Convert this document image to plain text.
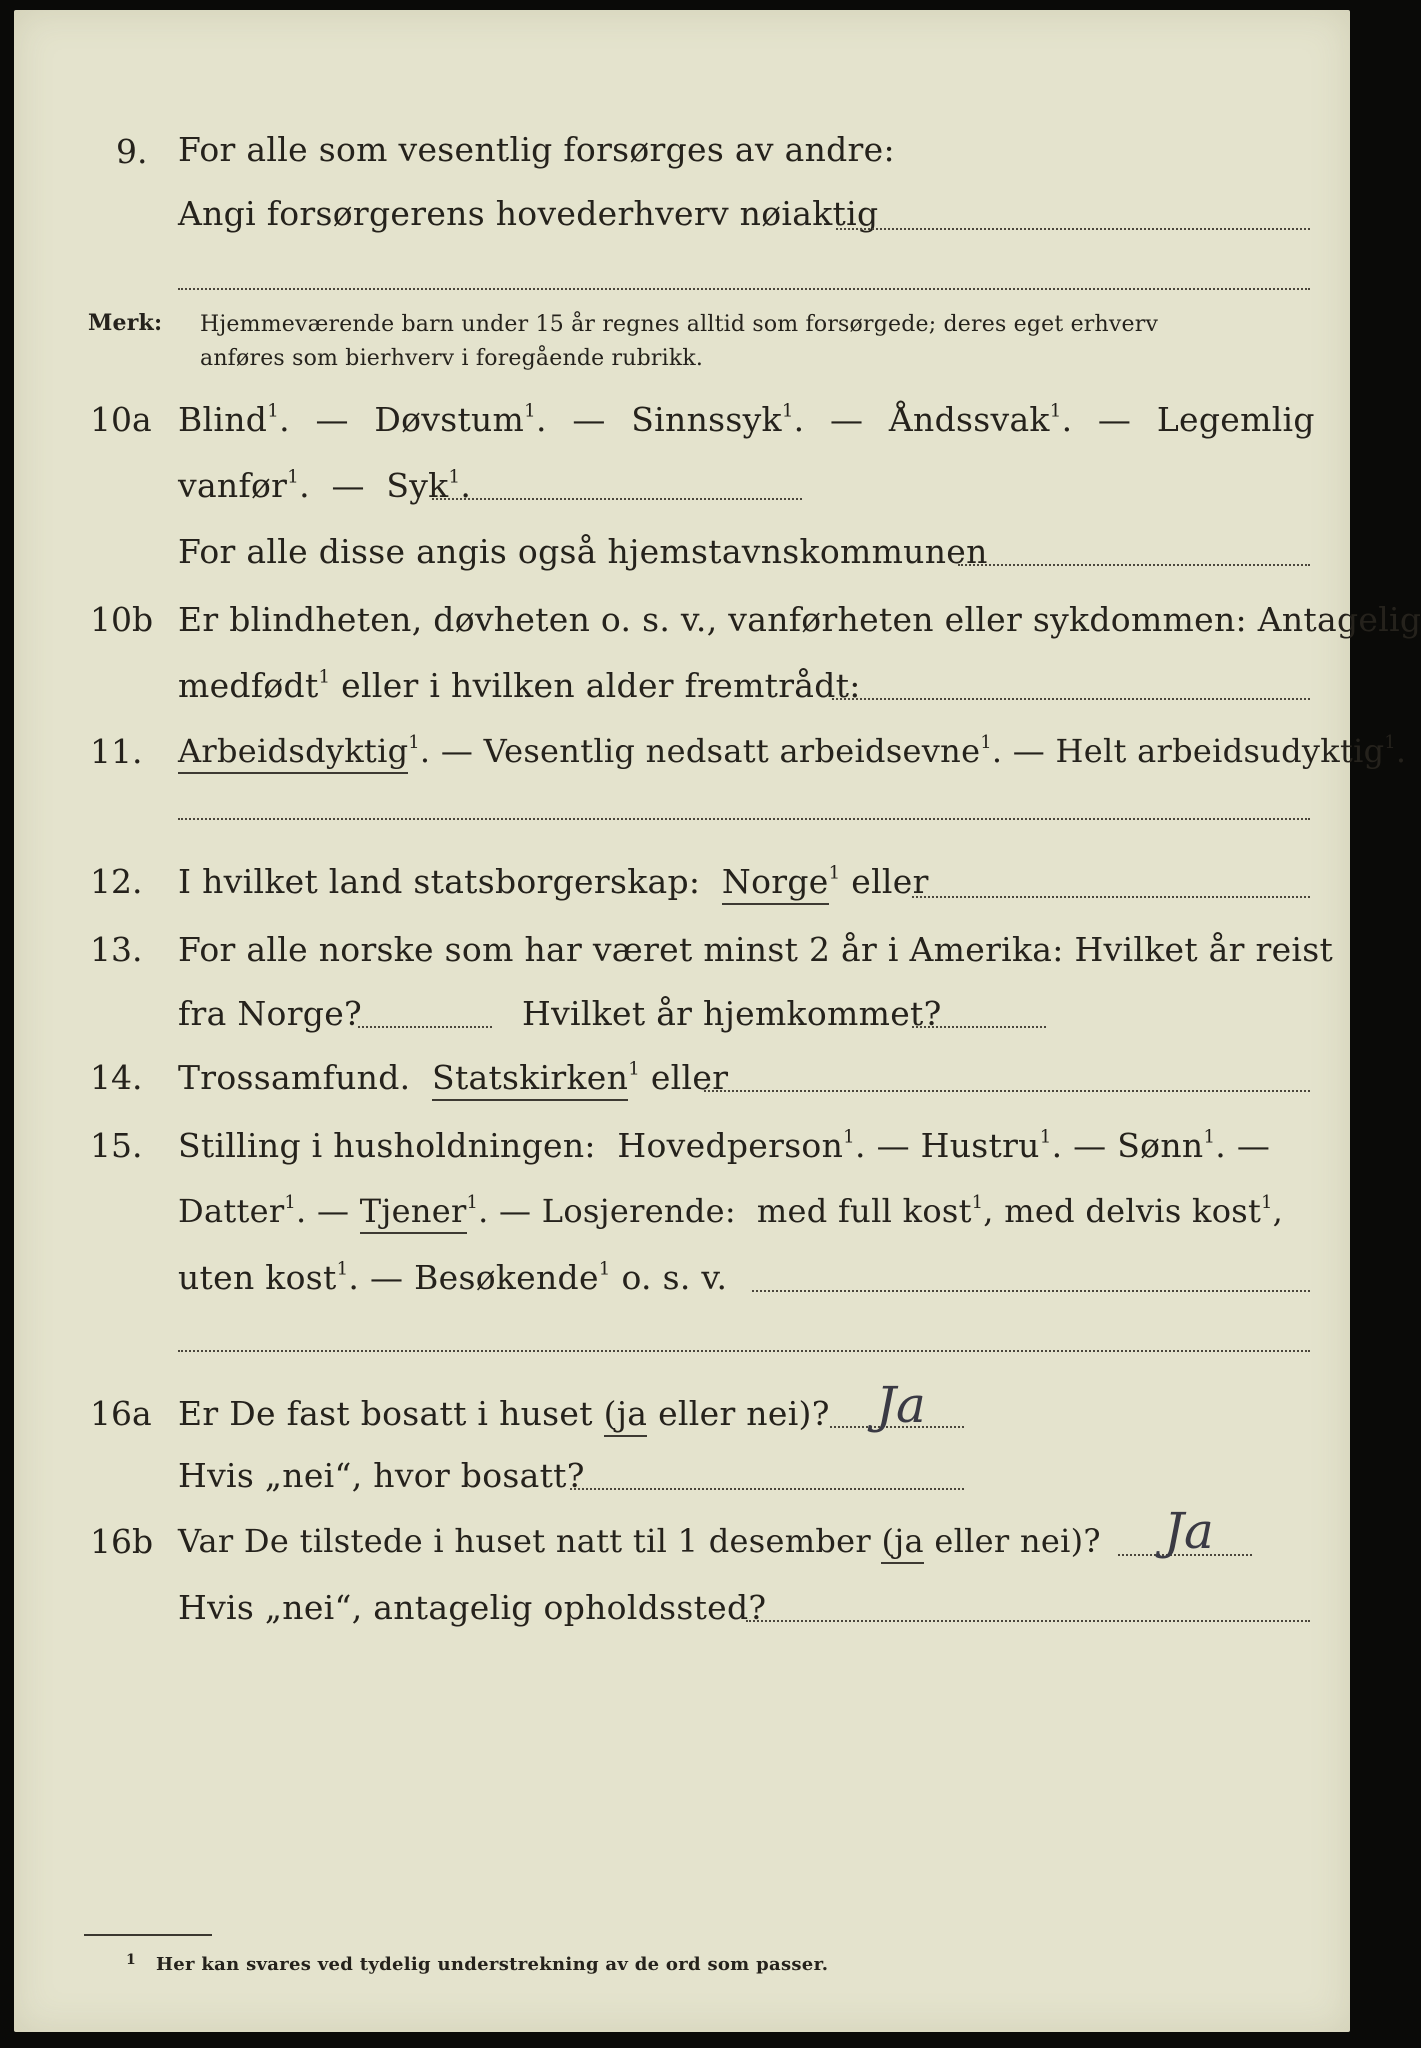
9. For alle som vesentlig forsørges av andre:
Angi forsørgerens hovederhverv nøiaktig
Merk: Hjemmeværende barn under 15 år regnes alltid som forsørgede; deres eget erhverv
anføres som bierhverv i foregående rubrikk.
10a Blind$^1$.  —  Døvstum$^1$.  —  Sinnssyk$^1$.  —  Åndssvak$^1$.  —  Legemlig
vanfør$^1$.  —  Syk$^1$.
For alle disse angis også hjemstavnskommunen
10b Er blindheten, døvheten o. s. v., vanførheten eller sykdommen: Antagelig
medfødt$^1$ eller i hvilken alder fremtrådt:
11. Arbeidsdyktig$^1$. — Vesentlig nedsatt arbeidsevne$^1$. — Helt arbeidsudyktig$^1$.
12. I hvilket land statsborgerskap: Norge$^1$ eller
13. For alle norske som har været minst 2 år i Amerika: Hvilket år reist
fra Norge?	Hvilket år hjemkommet?
14. Trossamfund. Statskirken$^1$ eller
15. Stilling i husholdningen: Hovedperson$^1$. — Hustru$^1$. — Sønn$^1$. —
Datter$^1$. — Tjener$^1$. — Losjerende: med full kost$^1$, med delvis kost$^1$,
uten kost$^1$. — Besøkende$^1$ o. s. v.
16a Er De fast bosatt i huset (ja eller nei)? Ja
Hvis „nei“, hvor bosatt?
16b Var De tilstede i huset natt til 1 desember (ja eller nei)? Ja
Hvis „nei“, antagelig opholdssted?
1 Her kan svares ved tydelig understrekning av de ord som passer.
